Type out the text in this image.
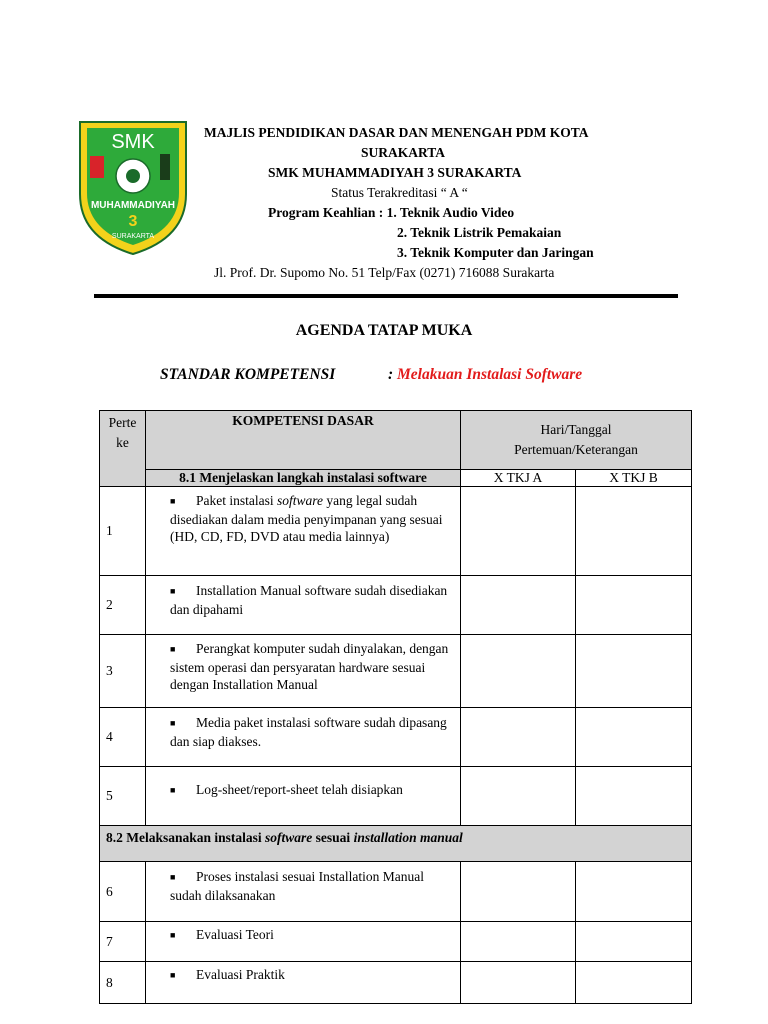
SMK
MUHAMMADIYAH
3
SURAKARTA
MAJLIS PENDIDIKAN DASAR DAN MENENGAH PDM KOTA
SURAKARTA
SMK MUHAMMADIYAH 3 SURAKARTA
Status Terakreditasi “ A “
Program Keahlian : 1. Teknik Audio Video
2. Teknik Listrik Pemakaian
3. Teknik Komputer dan Jaringan
Jl. Prof. Dr. Supomo No. 51 Telp/Fax (0271) 716088 Surakarta
AGENDA TATAP MUKA
STANDAR KOMPETENSI	: Melakuan Instalasi Software
Perte ke	KOMPETENSI DASAR	Hari/Tanggal Pertemuan/Keterangan	
	8.1 Menjelaskan langkah instalasi software	X TKJ A	X TKJ B
1	■ Paket instalasi software yang legal sudah disediakan dalam media penyimpanan yang sesuai (HD, CD, FD, DVD atau media lainnya)		
2	■ Installation Manual software sudah disediakan dan dipahami		
3	■ Perangkat komputer sudah dinyalakan, dengan sistem operasi dan persyaratan hardware sesuai dengan Installation Manual		
4	■ Media paket instalasi software sudah dipasang dan siap diakses.		
5	■ Log-sheet/report-sheet telah disiapkan		
8.2 Melaksanakan instalasi software sesuai installation manual			
6	■ Proses instalasi sesuai Installation Manual sudah dilaksanakan		
7	■ Evaluasi Teori		
8	■ Evaluasi Praktik		
